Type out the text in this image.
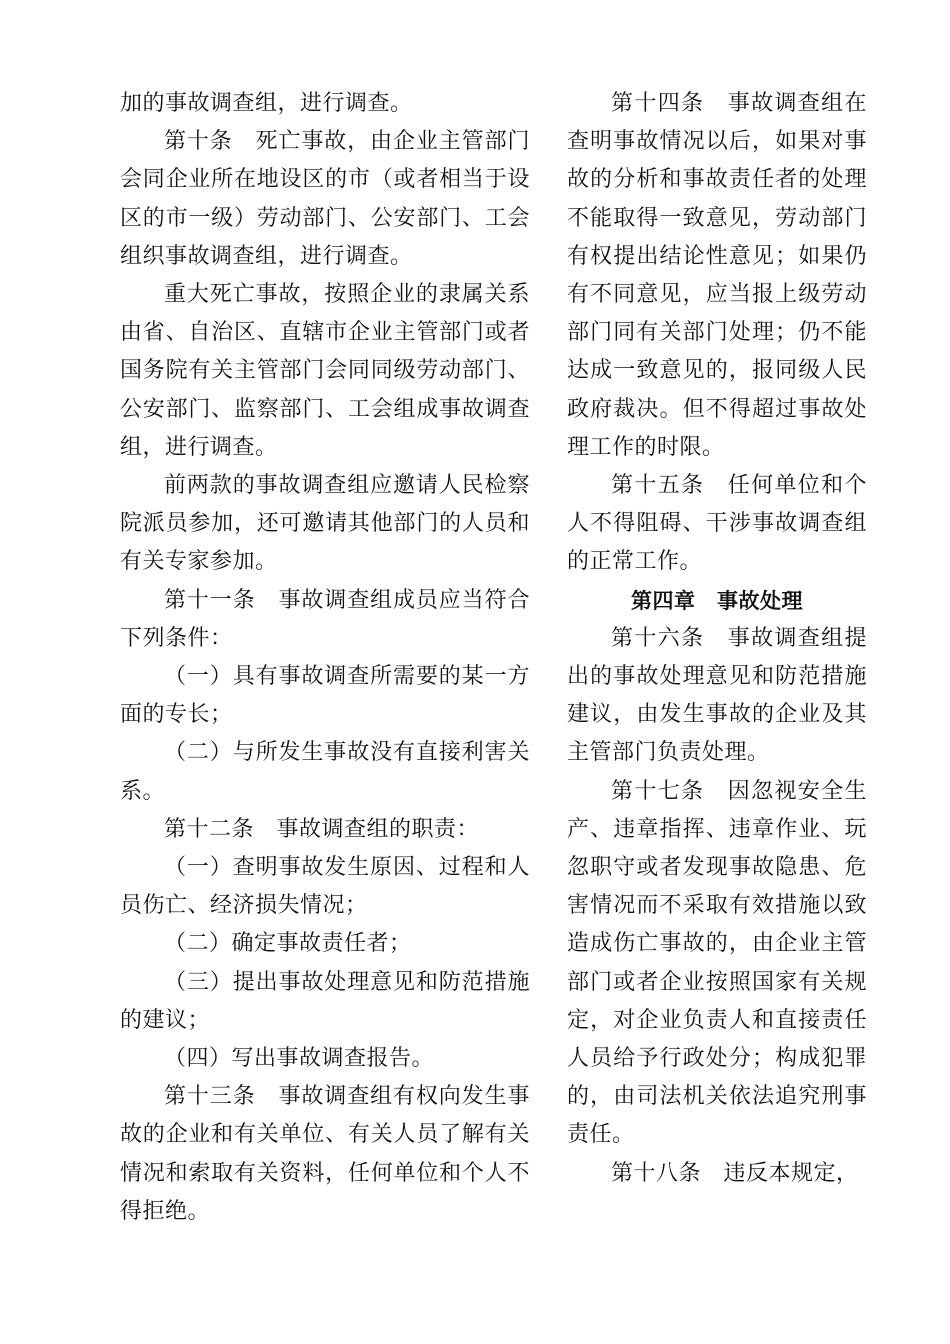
加的事故调查组，进行调查。

第十条　死亡事故，由企业主管部门会同企业所在地设区的市（或者相当于设区的市一级）劳动部门、公安部门、工会组织事故调查组，进行调查。

重大死亡事故，按照企业的隶属关系由省、自治区、直辖市企业主管部门或者国务院有关主管部门会同同级劳动部门、公安部门、监察部门、工会组成事故调查组，进行调查。

前两款的事故调查组应邀请人民检察院派员参加，还可邀请其他部门的人员和有关专家参加。

第十一条　事故调查组成员应当符合下列条件：

（一）具有事故调查所需要的某一方面的专长；

（二）与所发生事故没有直接利害关系。

第十二条　事故调查组的职责：

（一）查明事故发生原因、过程和人员伤亡、经济损失情况；

（二）确定事故责任者；

（三）提出事故处理意见和防范措施的建议；

（四）写出事故调查报告。

第十三条　事故调查组有权向发生事故的企业和有关单位、有关人员了解有关情况和索取有关资料，任何单位和个人不得拒绝。

第十四条　事故调查组在查明事故情况以后，如果对事故的分析和事故责任者的处理不能取得一致意见，劳动部门有权提出结论性意见；如果仍有不同意见，应当报上级劳动部门同有关部门处理；仍不能达成一致意见的，报同级人民政府裁决。但不得超过事故处理工作的时限。

第十五条　任何单位和个人不得阻碍、干涉事故调查组的正常工作。

第四章　事故处理

第十六条　事故调查组提出的事故处理意见和防范措施建议，由发生事故的企业及其主管部门负责处理。

第十七条　因忽视安全生产、违章指挥、违章作业、玩忽职守或者发现事故隐患、危害情况而不采取有效措施以致造成伤亡事故的，由企业主管部门或者企业按照国家有关规定，对企业负责人和直接责任人员给予行政处分；构成犯罪的，由司法机关依法追究刑事责任。

第十八条　违反本规定，
